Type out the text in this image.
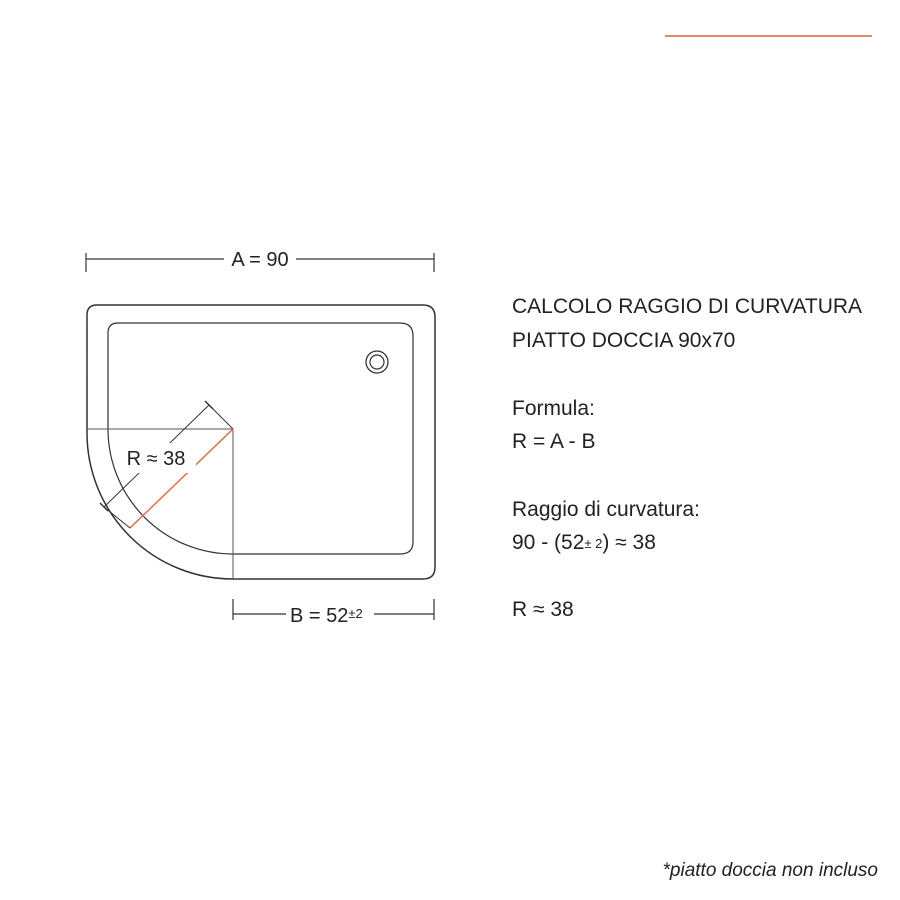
A = 90
R ≈ 38
$B = 52^{\pm 2}$
CALCOLO RAGGIO DI CURVATURA
PIATTO DOCCIA 90x70
Formula:
R = A - B
Raggio di curvatura:
$90 - (52^{\pm 2}) \approx 38$
R ≈ 38
*piatto doccia non incluso
